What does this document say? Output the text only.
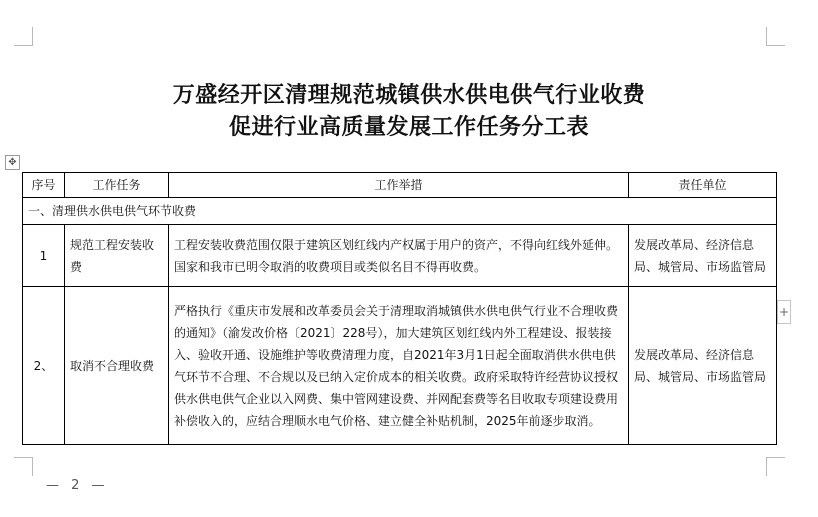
万盛经开区清理规范城镇供水供电供气行业收费
促进行业高质量发展工作任务分工表
✥
+
序号	工作任务	工作举措	责任单位
一、清理供水供电供气环节收费			
1	规范工程安装收费	工程安装收费范围仅限于建筑区划红线内产权属于用户的资产，不得向红线外延伸。国家和我市已明令取消的收费项目或类似名目不得再收费。	发展改革局、经济信息局、城管局、市场监管局
2、	取消不合理收费	严格执行《重庆市发展和改革委员会关于清理取消城镇供水供电供气行业不合理收费的通知》（渝发改价格〔2021〕228号），加大建筑区划红线内外工程建设、报装接入、验收开通、设施维护等收费清理力度，自2021年3月1日起全面取消供水供电供气环节不合理、不合规以及已纳入定价成本的相关收费。政府采取特许经营协议授权供水供电供气企业以入网费、集中管网建设费、并网配套费等名目收取专项建设费用补偿收入的，应结合理顺水电气价格、建立健全补贴机制，2025年前逐步取消。	发展改革局、经济信息局、城管局、市场监管局
— 2 —
